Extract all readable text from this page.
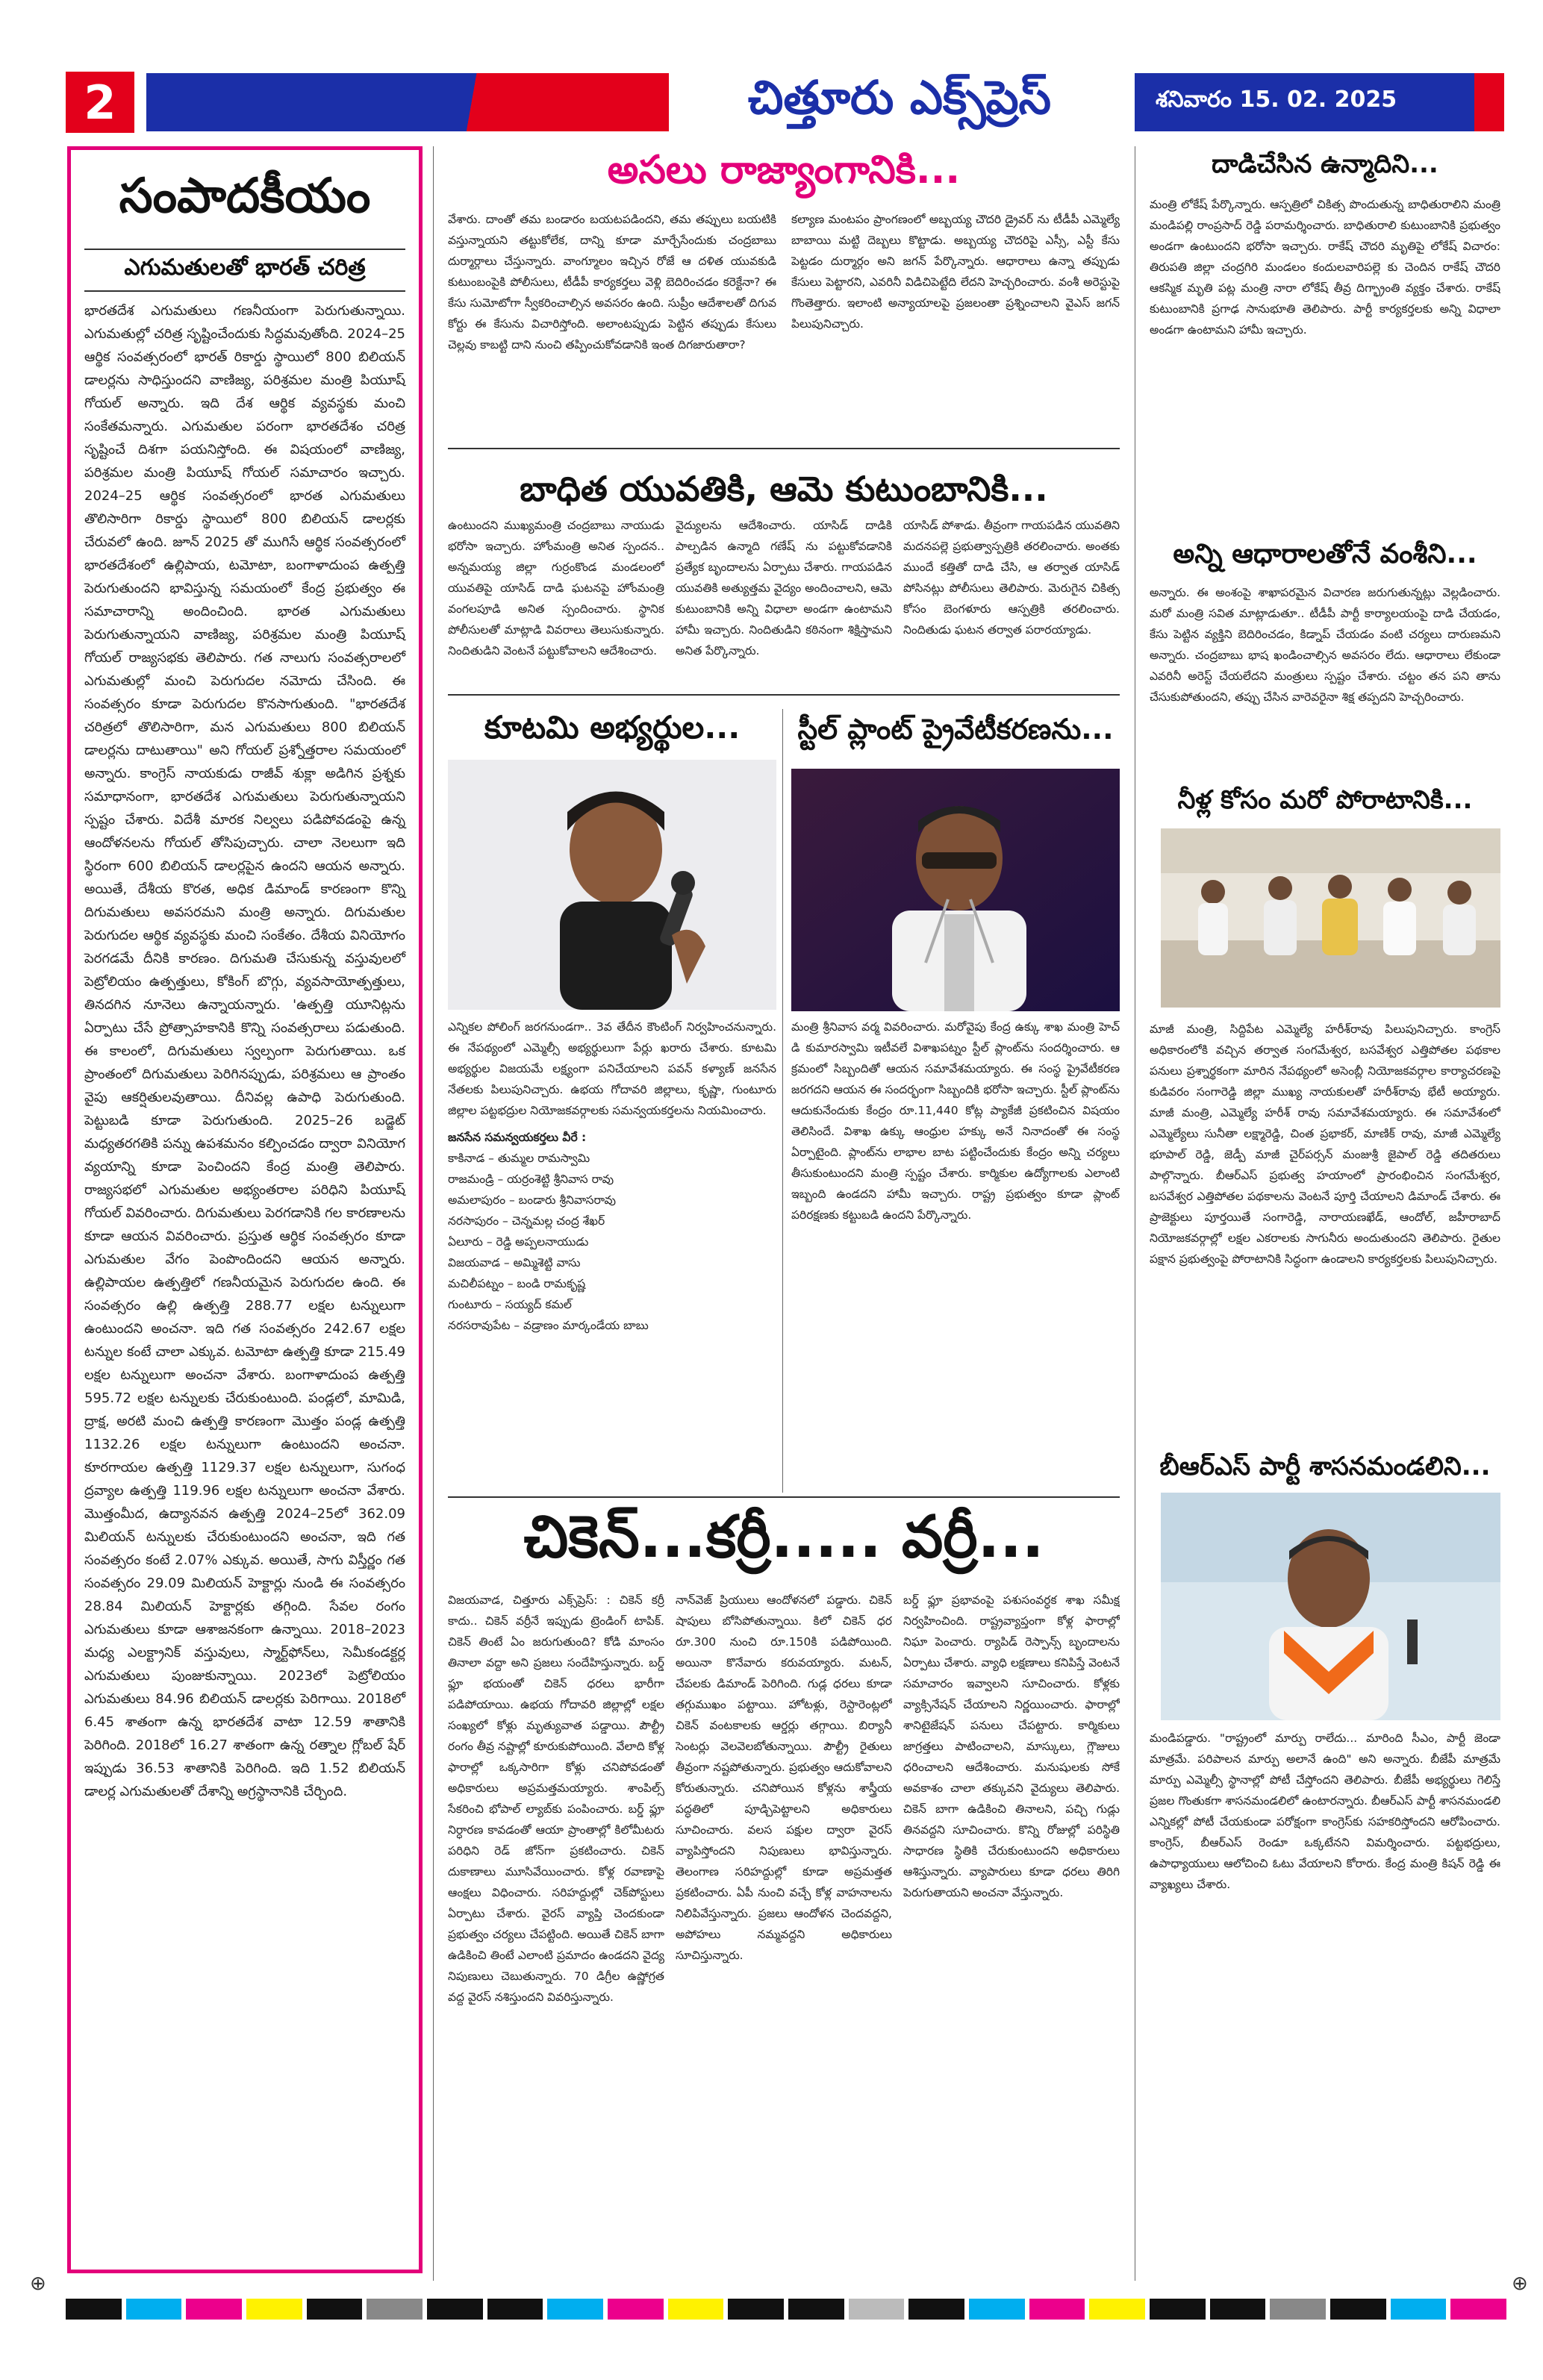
2	చిత్తూరు ఎక్స్‌ప్రెస్	శనివారం 15. 02. 2025
సంపాదకీయం
ఎగుమతులతో భారత్ చరిత్ర

భారతదేశ ఎగుమతులు గణనీయంగా పెరుగుతున్నాయి. ఎగుమతుల్లో చరిత్ర సృష్టించేందుకు సిద్ధమవుతోంది. 2024–25 ఆర్థిక సంవత్సరంలో భారత్ రికార్డు స్థాయిలో 800 బిలియన్ డాలర్లను సాధిస్తుందని వాణిజ్య, పరిశ్రమల మంత్రి పియూష్ గోయల్ అన్నారు. ఇది దేశ ఆర్థిక వ్యవస్థకు మంచి సంకేతమన్నారు. ఎగుమతుల పరంగా భారతదేశం చరిత్ర సృష్టించే దిశగా పయనిస్తోంది. ఈ విషయంలో వాణిజ్య, పరిశ్రమల మంత్రి పియూష్ గోయల్ సమాచారం ఇచ్చారు. 2024–25 ఆర్థిక సంవత్సరంలో భారత ఎగుమతులు తొలిసారిగా రికార్డు స్థాయిలో 800 బిలియన్ డాలర్లకు చేరువలో ఉంది. జూన్ 2025 తో ముగిసే ఆర్థిక సంవత్సరంలో భారతదేశంలో ఉల్లిపాయ, టమోటా, బంగాళాదుంప ఉత్పత్తి పెరుగుతుందని భావిస్తున్న సమయంలో కేంద్ర ప్రభుత్వం ఈ సమాచారాన్ని అందించింది. భారత ఎగుమతులు పెరుగుతున్నాయని వాణిజ్య, పరిశ్రమల మంత్రి పియూష్ గోయల్ రాజ్యసభకు తెలిపారు. గత నాలుగు సంవత్సరాలలో ఎగుమతుల్లో మంచి పెరుగుదల నమోదు చేసింది. ఈ సంవత్సరం కూడా పెరుగుదల కొనసాగుతుంది. "భారతదేశ చరిత్రలో తొలిసారిగా, మన ఎగుమతులు 800 బిలియన్ డాలర్లను దాటుతాయి" అని గోయల్ ప్రశ్నోత్తరాల సమయంలో అన్నారు. కాంగ్రెస్ నాయకుడు రాజీవ్ శుక్లా అడిగిన ప్రశ్నకు సమాధానంగా, భారతదేశ ఎగుమతులు పెరుగుతున్నాయని స్పష్టం చేశారు. విదేశీ మారక నిల్వలు పడిపోవడంపై ఉన్న ఆందోళనలను గోయల్ తోసిపుచ్చారు. చాలా నెలలుగా ఇది స్థిరంగా 600 బిలియన్ డాలర్లపైన ఉందని ఆయన అన్నారు. అయితే, దేశీయ కొరత, అధిక డిమాండ్ కారణంగా కొన్ని దిగుమతులు అవసరమని మంత్రి అన్నారు. దిగుమతుల పెరుగుదల ఆర్థిక వ్యవస్థకు మంచి సంకేతం. దేశీయ వినియోగం పెరగడమే దీనికి కారణం. దిగుమతి చేసుకున్న వస్తువులలో పెట్రోలియం ఉత్పత్తులు, కోకింగ్ బొగ్గు, వ్యవసాయోత్పత్తులు, తినదగిన నూనెలు ఉన్నాయన్నారు. 'ఉత్పత్తి యూనిట్లను ఏర్పాటు చేసే ప్రోత్సాహకానికి కొన్ని సంవత్సరాలు పడుతుంది. ఈ కాలంలో, దిగుమతులు స్వల్పంగా పెరుగుతాయి. ఒక ప్రాంతంలో దిగుమతులు పెరిగినప్పుడు, పరిశ్రమలు ఆ ప్రాంతం వైపు ఆకర్షితులవుతాయి. దీనివల్ల ఉపాధి పెరుగుతుంది. పెట్టుబడి కూడా పెరుగుతుంది. 2025–26 బడ్జెట్ మధ్యతరగతికి పన్ను ఉపశమనం కల్పించడం ద్వారా వినియోగ వ్యయాన్ని కూడా పెంచిందని కేంద్ర మంత్రి తెలిపారు. రాజ్యసభలో ఎగుమతుల అభ్యంతరాల పరిధిని పియూష్ గోయల్ వివరించారు. దిగుమతులు పెరగడానికి గల కారణాలను కూడా ఆయన వివరించారు. ప్రస్తుత ఆర్థిక సంవత్సరం కూడా ఎగుమతుల వేగం పెంపొందిందని ఆయన అన్నారు. ఉల్లిపాయల ఉత్పత్తిలో గణనీయమైన పెరుగుదల ఉంది. ఈ సంవత్సరం ఉల్లి ఉత్పత్తి 288.77 లక్షల టన్నులుగా ఉంటుందని అంచనా. ఇది గత సంవత్సరం 242.67 లక్షల టన్నుల కంటే చాలా ఎక్కువ. టమోటా ఉత్పత్తి కూడా 215.49 లక్షల టన్నులుగా అంచనా వేశారు. బంగాళాదుంప ఉత్పత్తి 595.72 లక్షల టన్నులకు చేరుకుంటుంది. పండ్లలో, మామిడి, ద్రాక్ష, అరటి మంచి ఉత్పత్తి కారణంగా మొత్తం పండ్ల ఉత్పత్తి 1132.26 లక్షల టన్నులుగా ఉంటుందని అంచనా. కూరగాయల ఉత్పత్తి 1129.37 లక్షల టన్నులుగా, సుగంధ ద్రవ్యాల ఉత్పత్తి 119.96 లక్షల టన్నులుగా అంచనా వేశారు. మొత్తంమీద, ఉద్యానవన ఉత్పత్తి 2024–25లో 362.09 మిలియన్ టన్నులకు చేరుకుంటుందని అంచనా, ఇది గత సంవత్సరం కంటే 2.07% ఎక్కువ. అయితే, సాగు విస్తీర్ణం గత సంవత్సరం 29.09 మిలియన్ హెక్టార్లు నుండి ఈ సంవత్సరం 28.84 మిలియన్ హెక్టార్లకు తగ్గింది. సేవల రంగం ఎగుమతులు కూడా ఆశాజనకంగా ఉన్నాయి. 2018–2023 మధ్య ఎలక్ట్రానిక్ వస్తువులు, స్మార్ట్‌ఫోన్‌లు, సెమీకండక్టర్ల ఎగుమతులు పుంజుకున్నాయి. 2023లో పెట్రోలియం ఎగుమతులు 84.96 బిలియన్ డాలర్లకు పెరిగాయి. 2018లో 6.45 శాతంగా ఉన్న భారతదేశ వాటా 12.59 శాతానికి పెరిగింది. 2018లో 16.27 శాతంగా ఉన్న రత్నాల గ్లోబల్ షేర్ ఇప్పుడు 36.53 శాతానికి పెరిగింది. ఇది 1.52 బిలియన్ డాలర్ల ఎగుమతులతో దేశాన్ని అగ్రస్థానానికి చేర్చింది.

అసలు రాజ్యాంగానికి...

వేశారు. దాంతో తమ బండారం బయటపడిందని, తమ తప్పులు బయటికి వస్తున్నాయని తట్టుకోలేక, దాన్ని కూడా మార్చేసేందుకు చంద్రబాబు దుర్మార్గాలు చేస్తున్నారు. వాంగ్మూలం ఇచ్చిన రోజే ఆ దళిత యువకుడి కుటుంబంపైకి పోలీసులు, టీడీపీ కార్యకర్తలు వెళ్లి బెదిరించడం కరెక్టేనా? ఈ కేసు సుమోటోగా స్వీకరించాల్సిన అవసరం ఉంది. సుప్రీం ఆదేశాలతో దిగువ కోర్టు ఈ కేసును విచారిస్తోంది. అలాంటప్పుడు పెట్టిన తప్పుడు కేసులు చెల్లవు కాబట్టి దాని నుంచి తప్పించుకోవడానికి ఇంత దిగజారుతారా?

కల్యాణ మంటపం ప్రాంగణంలో అబ్బయ్య చౌదరి డ్రైవర్ ను టీడీపీ ఎమ్మెల్యే బాబాయి మట్టి దెబ్బలు కొట్టాడు. అబ్బయ్య చౌదరిపై ఎస్సీ, ఎస్టీ కేసు పెట్టడం దుర్మార్గం అని జగన్ పేర్కొన్నారు. ఆధారాలు ఉన్నా తప్పుడు కేసులు పెట్టారని, ఎవరినీ విడిచిపెట్టేది లేదని హెచ్చరించారు. వంశీ అరెస్టుపై గొంతెత్తారు. ఇలాంటి అన్యాయాలపై ప్రజలంతా ప్రశ్నించాలని వైఎస్ జగన్ పిలుపునిచ్చారు.

బాధిత యువతికి, ఆమె కుటుంబానికి...

ఉంటుందని ముఖ్యమంత్రి చంద్రబాబు నాయుడు భరోసా ఇచ్చారు. హోంమంత్రి అనిత స్పందన.. అన్నమయ్య జిల్లా గుర్రంకొండ మండలంలో యువతిపై యాసిడ్ దాడి ఘటనపై హోంమంత్రి వంగలపూడి అనిత స్పందించారు. స్థానిక పోలీసులతో మాట్లాడి వివరాలు తెలుసుకున్నారు. నిందితుడిని వెంటనే పట్టుకోవాలని ఆదేశించారు.

వైద్యులను ఆదేశించారు. యాసిడ్ దాడికి పాల్పడిన ఉన్మాది గణేష్ ను పట్టుకోవడానికి ప్రత్యేక బృందాలను ఏర్పాటు చేశారు. గాయపడిన యువతికి అత్యుత్తమ వైద్యం అందించాలని, ఆమె కుటుంబానికి అన్ని విధాలా అండగా ఉంటామని హామీ ఇచ్చారు. నిందితుడిని కఠినంగా శిక్షిస్తామని అనిత పేర్కొన్నారు.

యాసిడ్ పోశాడు. తీవ్రంగా గాయపడిన యువతిని మదనపల్లె ప్రభుత్వాస్పత్రికి తరలించారు. అంతకు ముందే కత్తితో దాడి చేసి, ఆ తర్వాత యాసిడ్ పోసినట్లు పోలీసులు తెలిపారు. మెరుగైన చికిత్స కోసం బెంగళూరు ఆస్పత్రికి తరలించారు. నిందితుడు ఘటన తర్వాత పరారయ్యాడు.

కూటమి అభ్యర్థుల...

ఎన్నికల పోలింగ్ జరగనుండగా.. 3వ తేదీన కౌంటింగ్ నిర్వహించనున్నారు. ఈ నేపథ్యంలో ఎమ్మెల్సీ అభ్యర్థులుగా పేర్లు ఖరారు చేశారు. కూటమి అభ్యర్థుల విజయమే లక్ష్యంగా పనిచేయాలని పవన్ కళ్యాణ్ జనసేన నేతలకు పిలుపునిచ్చారు. ఉభయ గోదావరి జిల్లాలు, కృష్ణా, గుంటూరు జిల్లాల పట్టభద్రుల నియోజకవర్గాలకు సమన్వయకర్తలను నియమించారు.

జనసేన సమన్వయకర్తలు వీరే :

కాకినాడ – తుమ్మల రామస్వామి

రాజమండ్రి – యర్రంశెట్టి శ్రీనివాస రావు

అమలాపురం – బండారు శ్రీనివాసరావు

నరసాపురం – చెన్నమల్ల చంద్ర శేఖర్

ఏలూరు – రెడ్డి అప్పలనాయుడు

విజయవాడ – అమ్మిశెట్టి వాసు

మచిలీపట్నం – బండి రామకృష్ణ

గుంటూరు – సయ్యద్ కమల్

నరసరావుపేట – వడ్రాణం మార్కండేయ బాబు

స్టీల్ ప్లాంట్ ప్రైవేటీకరణను...

మంత్రి శ్రీనివాస వర్మ వివరించారు. మరోవైపు కేంద్ర ఉక్కు శాఖ మంత్రి హెచ్ డి కుమారస్వామి ఇటీవలే విశాఖపట్నం స్టీల్ ప్లాంట్‌ను సందర్శించారు. ఆ క్రమంలో సిబ్బందితో ఆయన సమావేశమయ్యారు. ఈ సంస్థ ప్రైవేటీకరణ జరగదని ఆయన ఈ సందర్భంగా సిబ్బందికి భరోసా ఇచ్చారు. స్టీల్ ప్లాంట్‌ను ఆదుకునేందుకు కేంద్రం రూ.11,440 కోట్ల ప్యాకేజీ ప్రకటించిన విషయం తెలిసిందే. విశాఖ ఉక్కు ఆంధ్రుల హక్కు అనే నినాదంతో ఈ సంస్థ ఏర్పాటైంది. ప్లాంట్‌ను లాభాల బాట పట్టించేందుకు కేంద్రం అన్ని చర్యలు తీసుకుంటుందని మంత్రి స్పష్టం చేశారు. కార్మికుల ఉద్యోగాలకు ఎలాంటి ఇబ్బంది ఉండదని హామీ ఇచ్చారు. రాష్ట్ర ప్రభుత్వం కూడా ప్లాంట్ పరిరక్షణకు కట్టుబడి ఉందని పేర్కొన్నారు.

దాడిచేసిన ఉన్మాదిని...

మంత్రి లోకేష్ పేర్కొన్నారు. ఆస్పత్రిలో చికిత్స పొందుతున్న బాధితురాలిని మంత్రి మండిపల్లి రాంప్రసాద్ రెడ్డి పరామర్శించారు. బాధితురాలి కుటుంబానికి ప్రభుత్వం అండగా ఉంటుందని భరోసా ఇచ్చారు. రాకేష్ చౌదరి మృతిపై లోకేష్ విచారం: తిరుపతి జిల్లా చంద్రగిరి మండలం కందులవారిపల్లె కు చెందిన రాకేష్ చౌదరి ఆకస్మిక మృతి పట్ల మంత్రి నారా లోకేష్ తీవ్ర దిగ్భ్రాంతి వ్యక్తం చేశారు. రాకేష్ కుటుంబానికి ప్రగాఢ సానుభూతి తెలిపారు. పార్టీ కార్యకర్తలకు అన్ని విధాలా అండగా ఉంటామని హామీ ఇచ్చారు.

అన్ని ఆధారాలతోనే వంశీని...

అన్నారు. ఈ అంశంపై శాఖాపరమైన విచారణ జరుగుతున్నట్లు వెల్లడించారు. మరో మంత్రి సవిత మాట్లాడుతూ.. టీడీపీ పార్టీ కార్యాలయంపై దాడి చేయడం, కేసు పెట్టిన వ్యక్తిని బెదిరించడం, కిడ్నాప్ చేయడం వంటి చర్యలు దారుణమని అన్నారు. చంద్రబాబు భాష ఖండించాల్సిన అవసరం లేదు. ఆధారాలు లేకుండా ఎవరినీ అరెస్ట్ చేయలేదని మంత్రులు స్పష్టం చేశారు. చట్టం తన పని తాను చేసుకుపోతుందని, తప్పు చేసిన వారెవరైనా శిక్ష తప్పదని హెచ్చరించారు.

నీళ్ల కోసం మరో పోరాటానికి...

మాజీ మంత్రి, సిద్దిపేట ఎమ్మెల్యే హరీశ్‌రావు పిలుపునిచ్చారు. కాంగ్రెస్ అధికారంలోకి వచ్చిన తర్వాత సంగమేశ్వర, బసవేశ్వర ఎత్తిపోతల పథకాల పనులు ప్రశ్నార్థకంగా మారిన నేపథ్యంలో అసెంబ్లీ నియోజకవర్గాల కార్యాచరణపై కుడివరం సంగారెడ్డి జిల్లా ముఖ్య నాయకులతో హరీశ్‌రావు భేటీ అయ్యారు. మాజీ మంత్రి, ఎమ్మెల్యే హరీశ్ రావు సమావేశమయ్యారు. ఈ సమావేశంలో ఎమ్మెల్యేలు సునీతా లక్ష్మారెడ్డి, చింత ప్రభాకర్, మాణిక్ రావు, మాజీ ఎమ్మెల్యే భూపాల్ రెడ్డి, జెడ్పీ మాజీ చైర్‌పర్సన్ మంజుశ్రీ జైపాల్ రెడ్డి తదితరులు పాల్గొన్నారు. బీఆర్ఎస్ ప్రభుత్వ హయాంలో ప్రారంభించిన సంగమేశ్వర, బసవేశ్వర ఎత్తిపోతల పథకాలను వెంటనే పూర్తి చేయాలని డిమాండ్ చేశారు. ఈ ప్రాజెక్టులు పూర్తయితే సంగారెడ్డి, నారాయణఖేడ్, ఆందోల్, జహీరాబాద్ నియోజకవర్గాల్లో లక్షల ఎకరాలకు సాగునీరు అందుతుందని తెలిపారు. రైతుల పక్షాన ప్రభుత్వంపై పోరాటానికి సిద్ధంగా ఉండాలని కార్యకర్తలకు పిలుపునిచ్చారు.

బీఆర్ఎస్ పార్టీ శాసనమండలిని...

మండిపడ్డారు. "రాష్ట్రంలో మార్పు రాలేదు... మారింది సీఎం, పార్టీ జెండా మాత్రమే. పరిపాలన మార్పు అలానే ఉంది" అని అన్నారు. బీజేపీ మాత్రమే మార్పు ఎమ్మెల్సీ స్థానాల్లో పోటీ చేస్తోందని తెలిపారు. బీజేపీ అభ్యర్థులు గెలిస్తే ప్రజల గొంతుకగా శాసనమండలిలో ఉంటారన్నారు. బీఆర్ఎస్ పార్టీ శాసనమండలి ఎన్నికల్లో పోటీ చేయకుండా పరోక్షంగా కాంగ్రెస్‌కు సహకరిస్తోందని ఆరోపించారు. కాంగ్రెస్, బీఆర్ఎస్ రెండూ ఒక్కటేనని విమర్శించారు. పట్టభద్రులు, ఉపాధ్యాయులు ఆలోచించి ఓటు వేయాలని కోరారు. కేంద్ర మంత్రి కిషన్ రెడ్డి ఈ వ్యాఖ్యలు చేశారు.

చికెన్...కర్రీ..... వర్రీ...

విజయవాడ, చిత్తూరు ఎక్స్‌ప్రెస్: : చికెన్ కర్రీ కాదు.. చికెన్ వర్రీనే ఇప్పుడు ట్రెండింగ్ టాపిక్. చికెన్ తింటే ఏం జరుగుతుంది? కోడి మాంసం తినాలా వద్దా అని ప్రజలు సందేహిస్తున్నారు. బర్డ్ ఫ్లూ భయంతో చికెన్ ధరలు భారీగా పడిపోయాయి. ఉభయ గోదావరి జిల్లాల్లో లక్షల సంఖ్యలో కోళ్లు మృత్యువాత పడ్డాయి. పౌల్ట్రీ రంగం తీవ్ర నష్టాల్లో కూరుకుపోయింది. వేలాది కోళ్ల ఫారాల్లో ఒక్కసారిగా కోళ్లు చనిపోవడంతో అధికారులు అప్రమత్తమయ్యారు. శాంపిల్స్ సేకరించి భోపాల్ ల్యాబ్‌కు పంపించారు. బర్డ్ ఫ్లూ నిర్ధారణ కావడంతో ఆయా ప్రాంతాల్లో కిలోమీటరు పరిధిని రెడ్ జోన్‌గా ప్రకటించారు. చికెన్ దుకాణాలు మూసివేయించారు. కోళ్ల రవాణాపై ఆంక్షలు విధించారు. సరిహద్దుల్లో చెక్‌పోస్టులు ఏర్పాటు చేశారు. వైరస్ వ్యాప్తి చెందకుండా ప్రభుత్వం చర్యలు చేపట్టింది. అయితే చికెన్ బాగా ఉడికించి తింటే ఎలాంటి ప్రమాదం ఉండదని వైద్య నిపుణులు చెబుతున్నారు. 70 డిగ్రీల ఉష్ణోగ్రత వద్ద వైరస్ నశిస్తుందని వివరిస్తున్నారు.

నాన్‌వెజ్ ప్రియులు ఆందోళనలో పడ్డారు. చికెన్ షాపులు బోసిపోతున్నాయి. కిలో చికెన్ ధర రూ.300 నుంచి రూ.150కి పడిపోయింది. అయినా కొనేవారు కరువయ్యారు. మటన్, చేపలకు డిమాండ్ పెరిగింది. గుడ్ల ధరలు కూడా తగ్గుముఖం పట్టాయి. హోటళ్లు, రెస్టారెంట్లలో చికెన్ వంటకాలకు ఆర్డర్లు తగ్గాయి. బిర్యానీ సెంటర్లు వెలవెలబోతున్నాయి. పౌల్ట్రీ రైతులు తీవ్రంగా నష్టపోతున్నారు. ప్రభుత్వం ఆదుకోవాలని కోరుతున్నారు. చనిపోయిన కోళ్లను శాస్త్రీయ పద్ధతిలో పూడ్చిపెట్టాలని అధికారులు సూచించారు. వలస పక్షుల ద్వారా వైరస్ వ్యాపిస్తోందని నిపుణులు భావిస్తున్నారు. తెలంగాణ సరిహద్దుల్లో కూడా అప్రమత్తత ప్రకటించారు. ఏపీ నుంచి వచ్చే కోళ్ల వాహనాలను నిలిపివేస్తున్నారు. ప్రజలు ఆందోళన చెందవద్దని, అపోహలు నమ్మవద్దని అధికారులు సూచిస్తున్నారు.

బర్డ్ ఫ్లూ ప్రభావంపై పశుసంవర్ధక శాఖ సమీక్ష నిర్వహించింది. రాష్ట్రవ్యాప్తంగా కోళ్ల ఫారాల్లో నిఘా పెంచారు. ర్యాపిడ్ రెస్పాన్స్ బృందాలను ఏర్పాటు చేశారు. వ్యాధి లక్షణాలు కనిపిస్తే వెంటనే సమాచారం ఇవ్వాలని సూచించారు. కోళ్లకు వ్యాక్సినేషన్ చేయాలని నిర్ణయించారు. ఫారాల్లో శానిటైజేషన్ పనులు చేపట్టారు. కార్మికులు జాగ్రత్తలు పాటించాలని, మాస్కులు, గ్లౌజులు ధరించాలని ఆదేశించారు. మనుషులకు సోకే అవకాశం చాలా తక్కువని వైద్యులు తెలిపారు. చికెన్ బాగా ఉడికించి తినాలని, పచ్చి గుడ్లు తినవద్దని సూచించారు. కొన్ని రోజుల్లో పరిస్థితి సాధారణ స్థితికి చేరుకుంటుందని అధికారులు ఆశిస్తున్నారు. వ్యాపారులు కూడా ధరలు తిరిగి పెరుగుతాయని అంచనా వేస్తున్నారు.

⊕	⊕
